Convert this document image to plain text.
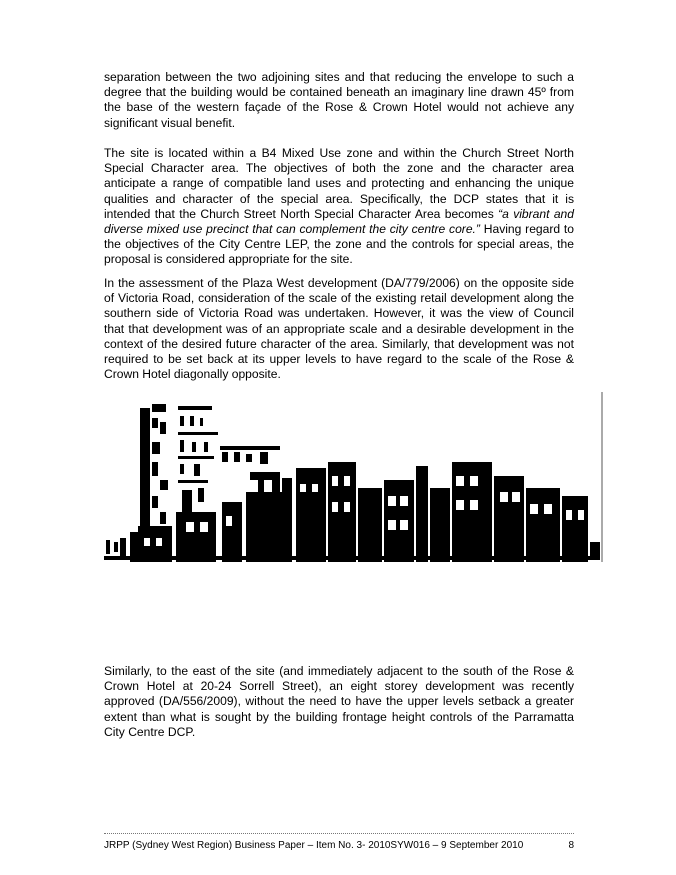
separation between the two adjoining sites and that reducing the envelope to such a degree that the building would be contained beneath an imaginary line drawn 45º from the base of the western façade of the Rose & Crown Hotel would not achieve any significant visual benefit.

The site is located within a B4 Mixed Use zone and within the Church Street North Special Character area. The objectives of both the zone and the character area anticipate a range of compatible land uses and protecting and enhancing the unique qualities and character of the special area. Specifically, the DCP states that it is intended that the Church Street North Special Character Area becomes “a vibrant and diverse mixed use precinct that can complement the city centre core.” Having regard to the objectives of the City Centre LEP, the zone and the controls for special areas, the proposal is considered appropriate for the site.

In the assessment of the Plaza West development (DA/779/2006) on the opposite side of Victoria Road, consideration of the scale of the existing retail development along the southern side of Victoria Road was undertaken. However, it was the view of Council that that development was of an appropriate scale and a desirable development in the context of the desired future character of the area. Similarly, that development was not required to be set back at its upper levels to have regard to the scale of the Rose & Crown Hotel diagonally opposite.

Similarly, to the east of the site (and immediately adjacent to the south of the Rose & Crown Hotel at 20-24 Sorrell Street), an eight storey development was recently approved (DA/556/2009), without the need to have the upper levels setback a greater extent than what is sought by the building frontage height controls of the Parramatta City Centre DCP.

JRPP (Sydney West Region) Business Paper – Item No. 3- 2010SYW016 – 9 September 2010	8
